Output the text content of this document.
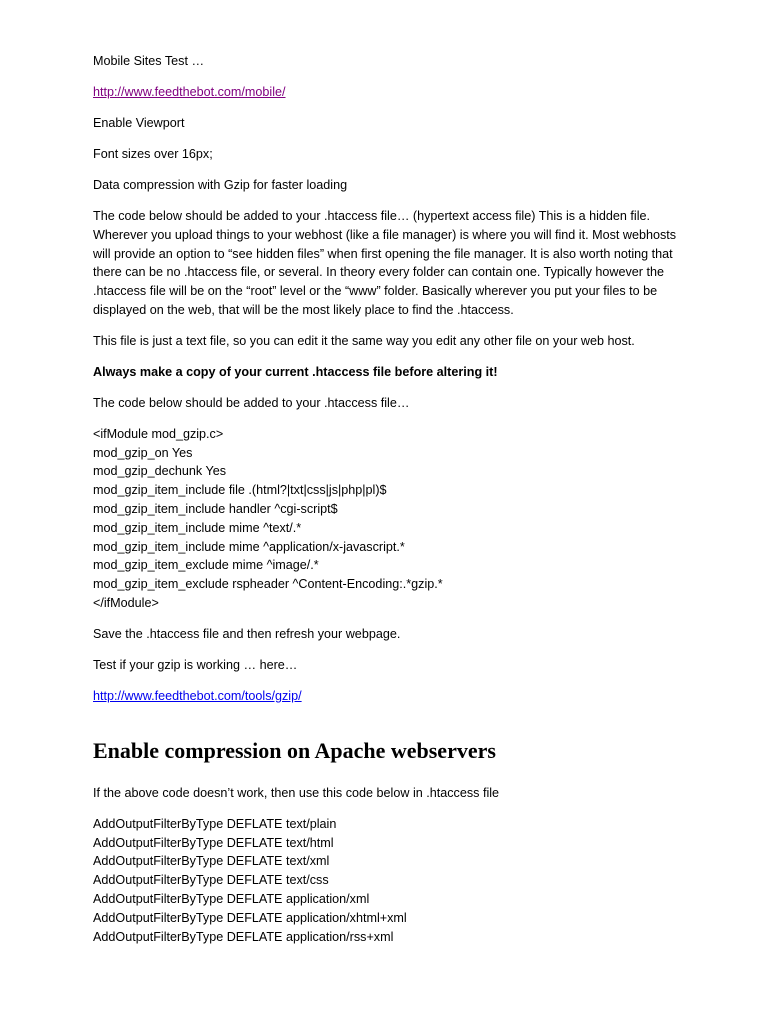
Mobile Sites Test …

http://www.feedthebot.com/mobile/

Enable Viewport

Font sizes over 16px;

Data compression with Gzip for faster loading

The code below should be added to your .htaccess file… (hypertext access file) This is a hidden file. Wherever you upload things to your webhost (like a file manager) is where you will find it. Most webhosts will provide an option to “see hidden files” when first opening the file manager. It is also worth noting that there can be no .htaccess file, or several. In theory every folder can contain one. Typically however the .htaccess file will be on the “root” level or the “www” folder. Basically wherever you put your files to be displayed on the web, that will be the most likely place to find the .htaccess.

This file is just a text file, so you can edit it the same way you edit any other file on your web host.

Always make a copy of your current .htaccess file before altering it!

The code below should be added to your .htaccess file…

<ifModule mod_gzip.c>
mod_gzip_on Yes
mod_gzip_dechunk Yes
mod_gzip_item_include file .(html?|txt|css|js|php|pl)$
mod_gzip_item_include handler ^cgi-script$
mod_gzip_item_include mime ^text/.*
mod_gzip_item_include mime ^application/x-javascript.*
mod_gzip_item_exclude mime ^image/.*
mod_gzip_item_exclude rspheader ^Content-Encoding:.*gzip.*
</ifModule>

Save the .htaccess file and then refresh your webpage.

Test if your gzip is working … here…

http://www.feedthebot.com/tools/gzip/

Enable compression on Apache webservers

If the above code doesn’t work, then use this code below in .htaccess file

AddOutputFilterByType DEFLATE text/plain
AddOutputFilterByType DEFLATE text/html
AddOutputFilterByType DEFLATE text/xml
AddOutputFilterByType DEFLATE text/css
AddOutputFilterByType DEFLATE application/xml
AddOutputFilterByType DEFLATE application/xhtml+xml
AddOutputFilterByType DEFLATE application/rss+xml
